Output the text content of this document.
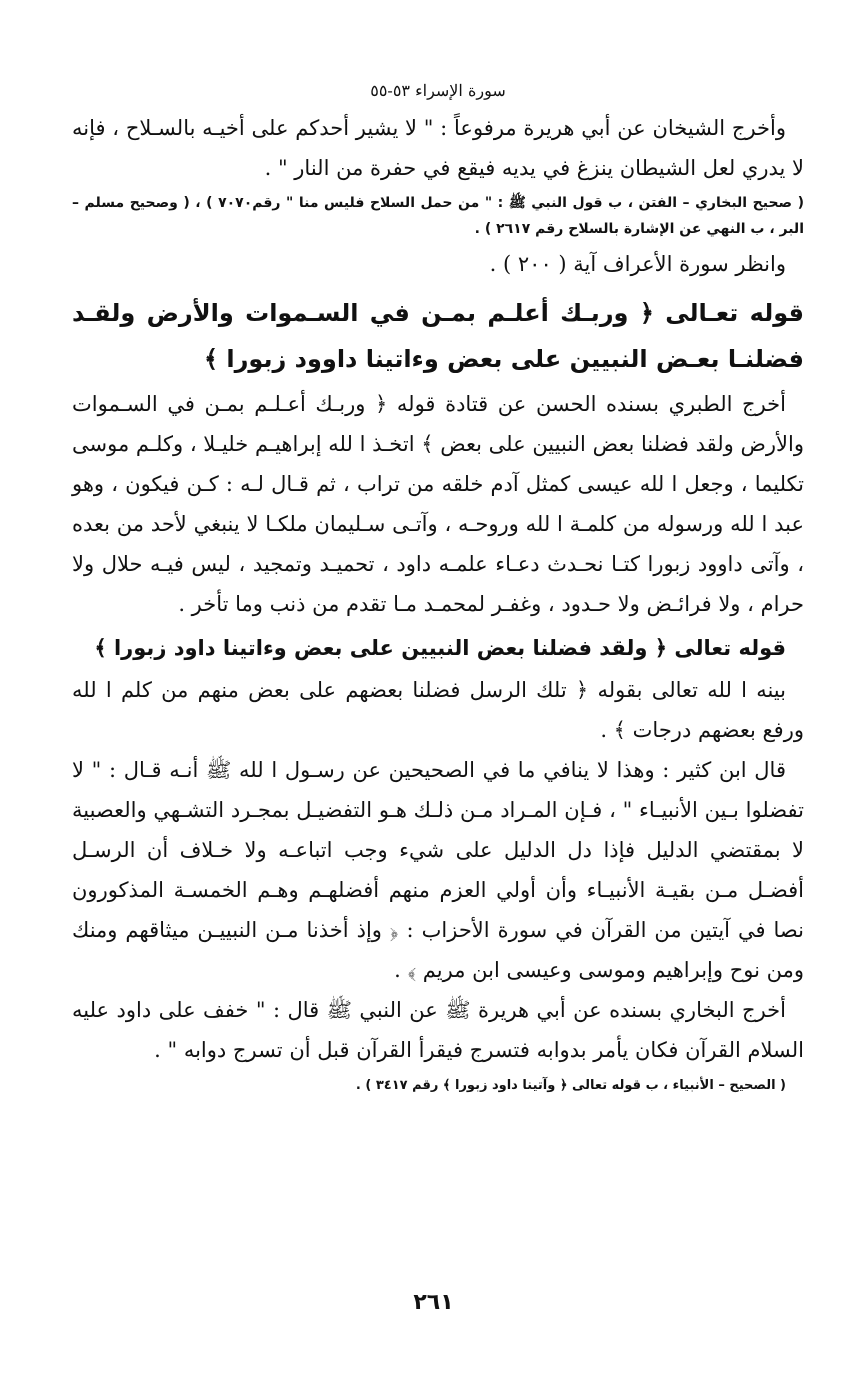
سورة الإسراء ٥٣-٥٥

وأخرج الشيخان عن أبي هريرة مرفوعاً : " لا يشير أحدكم على أخيـه بالسـلاح ، فإنه لا يدري لعل الشيطان ينزغ في يديه فيقع في حفرة من النار " .

( صحيح البخاري – الفتن ، ب قول النبي ﷺ : " من حمل السلاح فليس منا " رقم٧٠٧٠ ) ، ( وصحيح مسلم – البر ، ب النهي عن الإشارة بالسلاح رقم ٢٦١٧ ) .

وانظر سورة الأعراف آية ( ٢٠٠ ) .

قوله تعـالى ﴿ وربـك أعلـم بمـن في السـموات والأرض ولقـد فضلنـا بعـض النبيين على بعض وءاتينا داوود زبورا ﴾

أخرج الطبري بسنده الحسن عن قتادة قوله ﴿ وربـك أعـلـم بمـن في السـموات والأرض ولقد فضلنا بعض النبيين على بعض ﴾ اتخـذ ا لله إبراهيـم خليـلا ، وكلـم موسى تكليما ، وجعل ا لله عيسى كمثل آدم خلقه من تراب ، ثم قـال لـه : كـن فيكون ، وهو عبد ا لله ورسوله من كلمـة ا لله وروحـه ، وآتـى سـليمان ملكـا لا ينبغي لأحد من بعده ، وآتى داوود زبورا كتـا نحـدث دعـاء علمـه داود ، تحميـد وتمجيد ، ليس فيـه حلال ولا حرام ، ولا فرائـض ولا حـدود ، وغفـر لمحمـد مـا تقدم من ذنب وما تأخر .

قوله تعالى ﴿ ولقد فضلنا بعض النبيين على بعض وءاتينا داود زبورا ﴾

بينه ا لله تعالى بقوله ﴿ تلك الرسل فضلنا بعضهم على بعض منهم من كلم ا لله ورفع بعضهم درجات ﴾ .

قال ابن كثير : وهذا لا ينافي ما في الصحيحين عن رسـول ا لله ﷺ أنـه قـال : " لا تفضلوا بـين الأنبيـاء " ، فـإن المـراد مـن ذلـك هـو التفضيـل بمجـرد التشـهي والعصبية لا بمقتضي الدليل فإذا دل الدليل على شيء وجب اتباعـه ولا خـلاف أن الرسـل أفضـل مـن بقيـة الأنبيـاء وأن أولي العزم منهم أفضلهـم وهـم الخمسـة المذكورون نصا في آيتين من القرآن في سورة الأحزاب : ﴿ وإذ أخذنا مـن النبييـن ميثاقهم ومنك ومن نوح وإبراهيم وموسى وعيسى ابن مريم ﴾ .

أخرج البخاري بسنده عن أبي هريرة ﷺ عن النبي ﷺ قال : " خفف على داود عليه السلام القرآن فكان يأمر بدوابه فتسرج فيقرأ القرآن قبل أن تسرج دوابه " .

( الصحيح – الأنبياء ، ب قوله تعالى ﴿ وآتينا داود زبورا ﴾ رقم ٣٤١٧ ) .

٢٦١
